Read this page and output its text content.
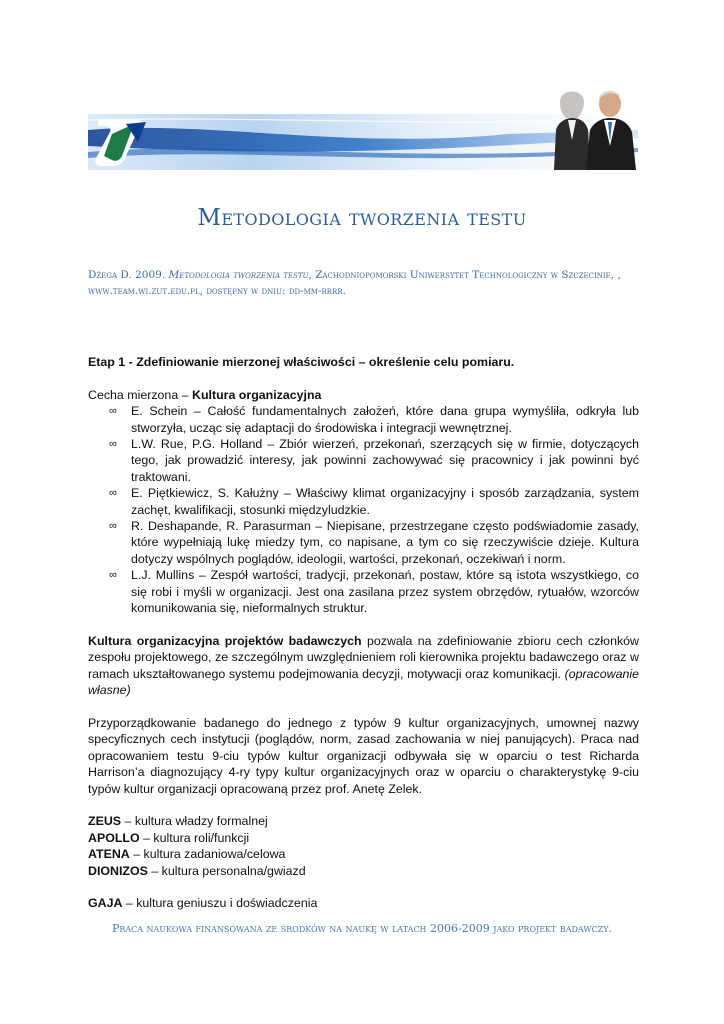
Metodologia tworzenia testu

Dżega D. 2009. Metodologia tworzenia testu, Zachodniopomorski Uniwersytet Technologiczny w Szczecinie, , www.team.wi.zut.edu.pl, dostępny w dniu: dd-mm-rrrr.

Etap 1 - Zdefiniowanie mierzonej właściwości – określenie celu pomiaru.

Cecha mierzona – Kultura organizacyjna

∞ E. Schein – Całość fundamentalnych założeń, które dana grupa wymyśliła, odkryła lub stworzyła, ucząc się adaptacji do środowiska i integracji wewnętrznej.
∞ L.W. Rue, P.G. Holland – Zbiór wierzeń, przekonań, szerzących się w firmie, dotyczących tego, jak prowadzić interesy, jak powinni zachowywać się pracownicy i jak powinni być traktowani.
∞ E. Piętkiewicz, S. Kałużny – Właściwy klimat organizacyjny i sposób zarządzania, system zachęt, kwalifikacji, stosunki międzyludzkie.
∞ R. Deshapande, R. Parasurman – Niepisane, przestrzegane często podświadomie zasady, które wypełniają lukę miedzy tym, co napisane, a tym co się rzeczywiście dzieje. Kultura dotyczy wspólnych poglądów, ideologii, wartości, przekonań, oczekiwań i norm.
∞ L.J. Mullins – Zespół wartości, tradycji, przekonań, postaw, które są istota wszystkiego, co się robi i myśli w organizacji. Jest ona zasilana przez system obrzędów, rytuałów, wzorców komunikowania się, nieformalnych struktur.

Kultura organizacyjna projektów badawczych pozwala na zdefiniowanie zbioru cech członków zespołu projektowego, ze szczególnym uwzględnieniem roli kierownika projektu badawczego oraz w ramach ukształtowanego systemu podejmowania decyzji, motywacji oraz komunikacji. (opracowanie własne)

Przyporządkowanie badanego do jednego z typów 9 kultur organizacyjnych, umownej nazwy specyficznych cech instytucji (poglądów, norm, zasad zachowania w niej panujących). Praca nad opracowaniem testu 9-ciu typów kultur organizacji odbywała się w oparciu o test Richarda Harrison’a diagnozujący 4-ry typy kultur organizacyjnych oraz w oparciu o charakterystykę 9-ciu typów kultur organizacji opracowaną przez prof. Anetę Zelek.

ZEUS – kultura władzy formalnej

APOLLO – kultura roli/funkcji

ATENA – kultura zadaniowa/celowa

DIONIZOS – kultura personalna/gwiazd

GAJA – kultura geniuszu i doświadczenia

Praca naukowa finansowana ze środków na naukę w latach 2006-2009 jako projekt badawczy.
